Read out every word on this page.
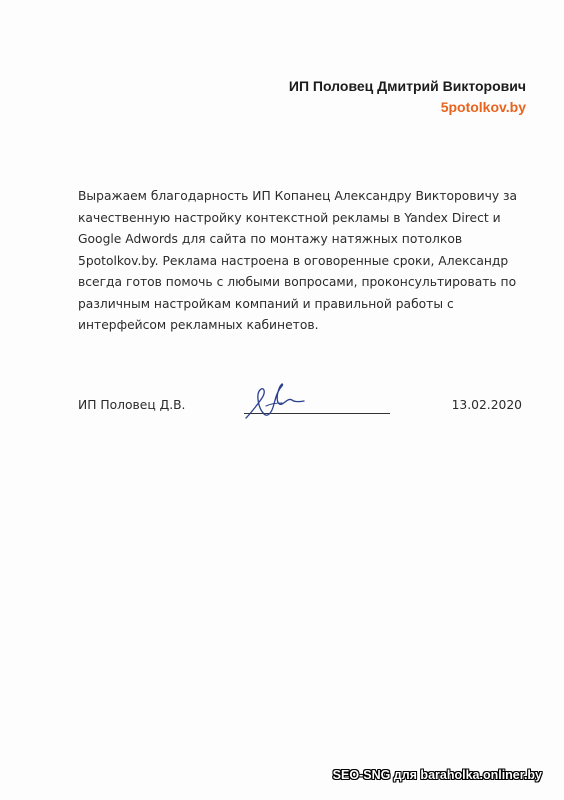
ИП Половец Дмитрий Викторович
5potolkov.by
Выражаем благодарность ИП Копанец Александру Викторовичу за
качественную настройку контекстной рекламы в Yandex Direct и
Google Adwords для сайта по монтажу натяжных потолков
5potolkov.by. Реклама настроена в оговоренные сроки, Александр
всегда готов помочь с любыми вопросами, проконсультировать по
различным настройкам компаний и правильной работы с
интерфейсом рекламных кабинетов.
ИП Половец Д.В.	13.02.2020
SEO-SNG для baraholka.onliner.by
